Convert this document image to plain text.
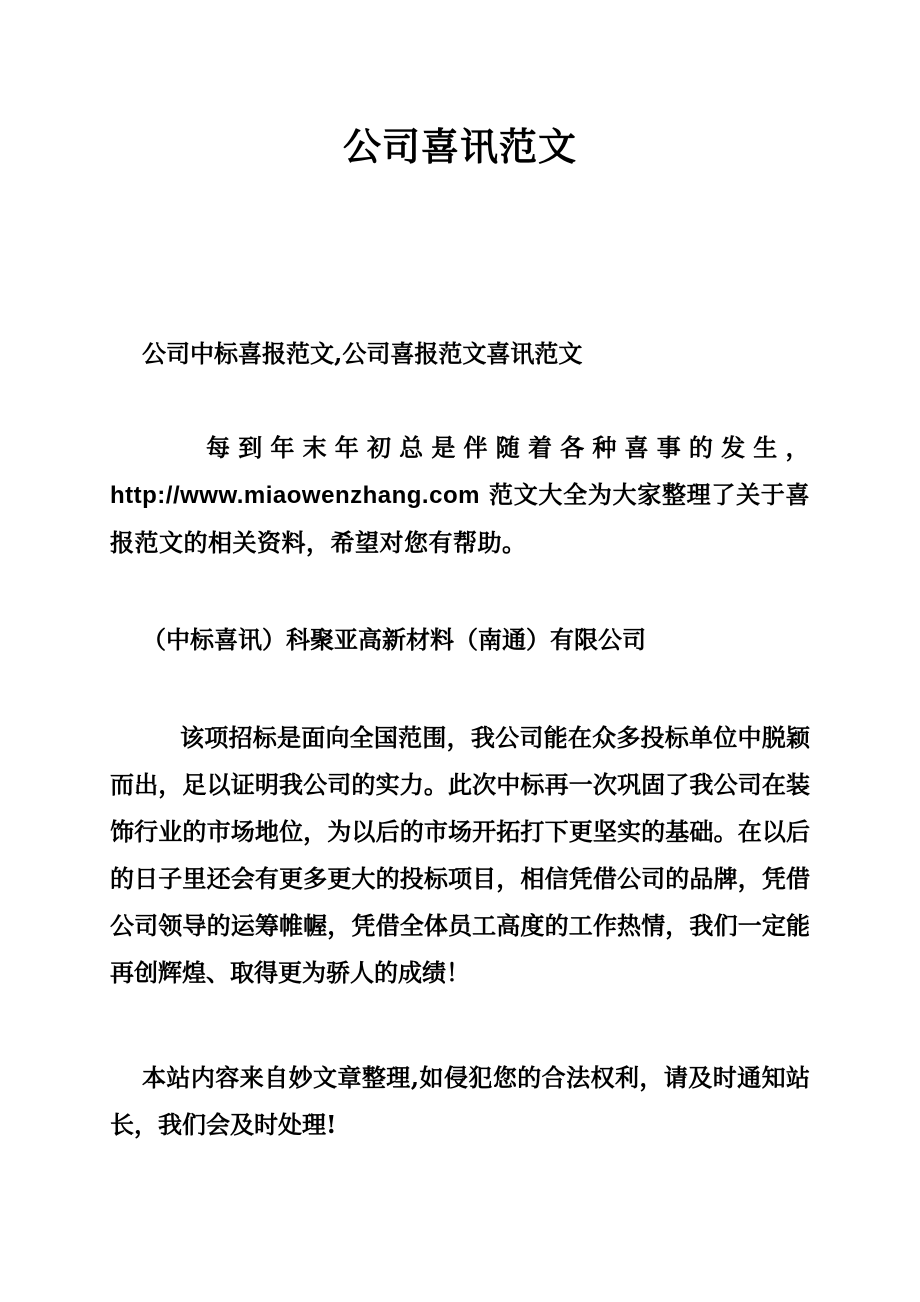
公司喜讯范文
公司中标喜报范文,公司喜报范文喜讯范文
每到年末年初总是伴随着各种喜事的发生，http://www.miaowenzhang.com 范文大全为大家整理了关于喜报范文的相关资料，希望对您有帮助。
（中标喜讯）科聚亚高新材料（南通）有限公司
该项招标是面向全国范围，我公司能在众多投标单位中脱颖而出，足以证明我公司的实力。此次中标再一次巩固了我公司在装饰行业的市场地位，为以后的市场开拓打下更坚实的基础。在以后的日子里还会有更多更大的投标项目，相信凭借公司的品牌，凭借公司领导的运筹帷幄，凭借全体员工高度的工作热情，我们一定能再创辉煌、取得更为骄人的成绩！
本站内容来自妙文章整理,如侵犯您的合法权利，请及时通知站长，我们会及时处理!
